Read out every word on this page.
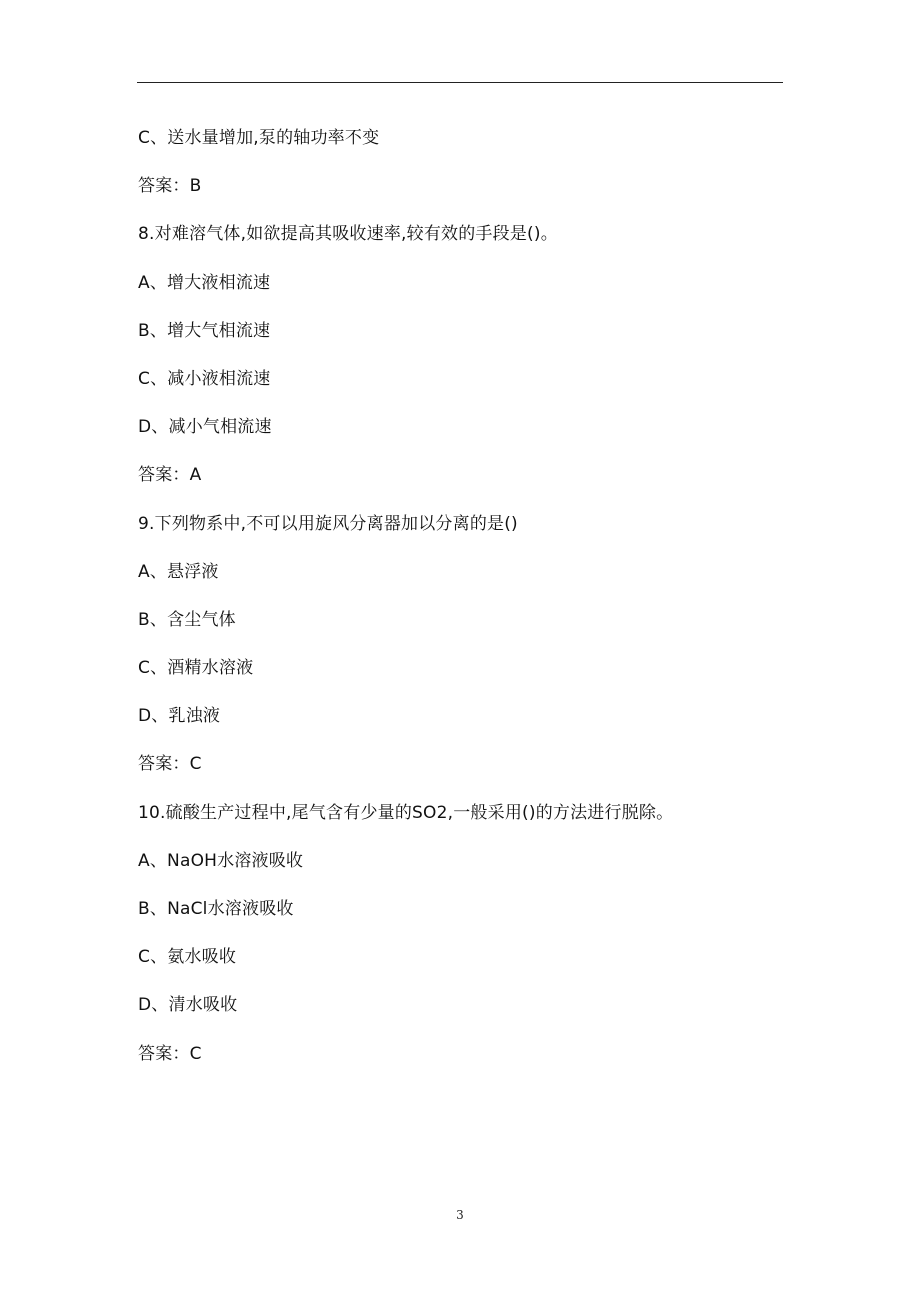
C、送水量增加,泵的轴功率不变
答案：B
8.对难溶气体,如欲提高其吸收速率,较有效的手段是()。
A、增大液相流速
B、增大气相流速
C、减小液相流速
D、减小气相流速
答案：A
9.下列物系中,不可以用旋风分离器加以分离的是()
A、悬浮液
B、含尘气体
C、酒精水溶液
D、乳浊液
答案：C
10.硫酸生产过程中,尾气含有少量的SO2,一般采用()的方法进行脱除。
A、NaOH水溶液吸收
B、NaCl水溶液吸收
C、氨水吸收
D、清水吸收
答案：C
3
